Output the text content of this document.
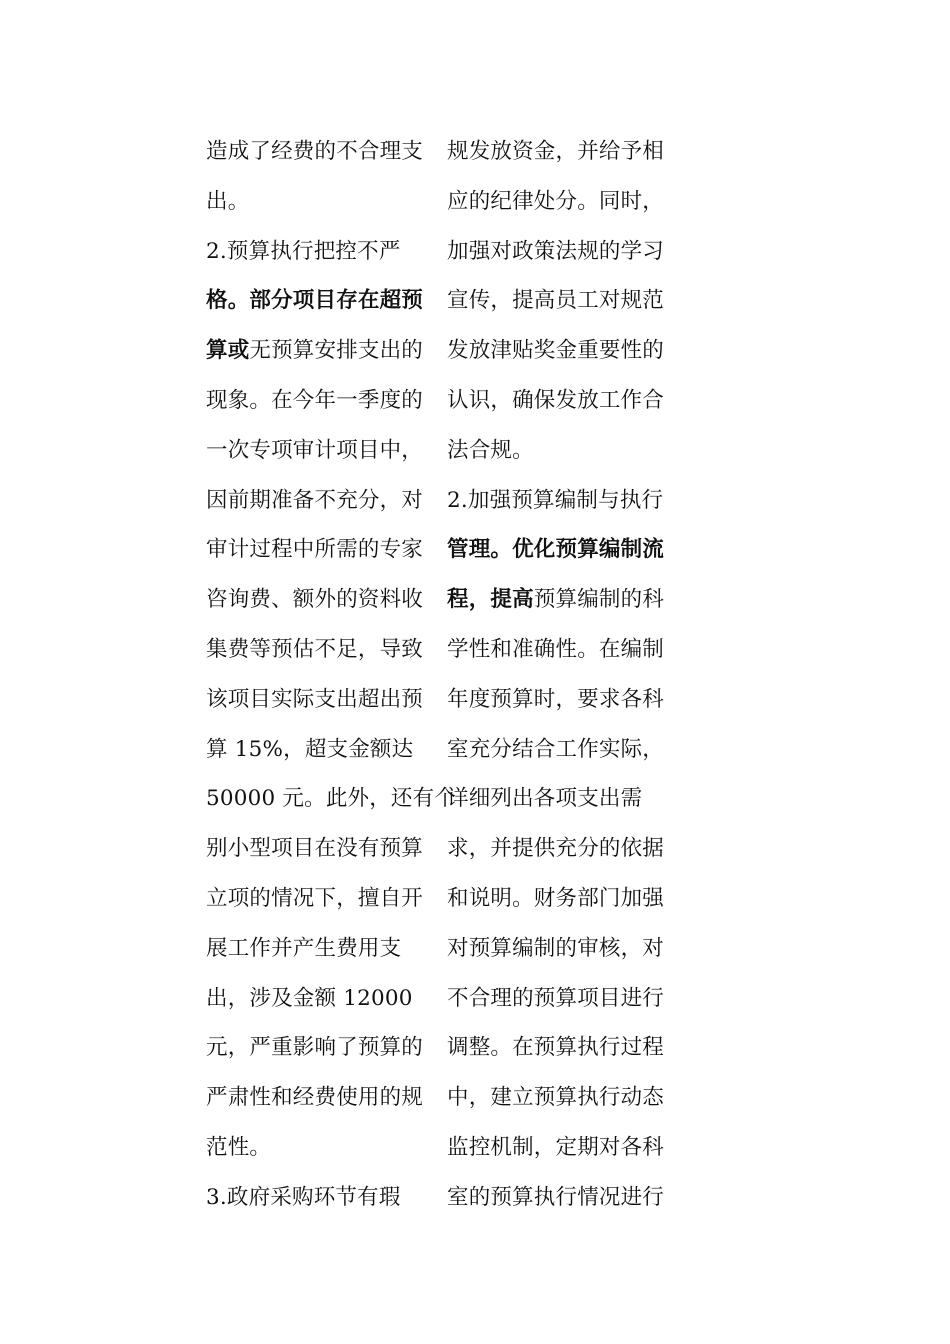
造成了经费的不合理支
出。
2.预算执行把控不严
格。部分项目存在超预
算或无预算安排支出的
现象。在今年一季度的
一次专项审计项目中，
因前期准备不充分，对
审计过程中所需的专家
咨询费、额外的资料收
集费等预估不足，导致
该项目实际支出超出预
算 15%，超支金额达
50000 元。此外，还有个
别小型项目在没有预算
立项的情况下，擅自开
展工作并产生费用支
出，涉及金额 12000
元，严重影响了预算的
严肃性和经费使用的规
范性。
3.政府采购环节有瑕
规发放资金，并给予相
应的纪律处分。同时，
加强对政策法规的学习
宣传，提高员工对规范
发放津贴奖金重要性的
认识，确保发放工作合
法合规。
2.加强预算编制与执行
管理。优化预算编制流
程，提高预算编制的科
学性和准确性。在编制
年度预算时，要求各科
室充分结合工作实际，
详细列出各项支出需
求，并提供充分的依据
和说明。财务部门加强
对预算编制的审核，对
不合理的预算项目进行
调整。在预算执行过程
中，建立预算执行动态
监控机制，定期对各科
室的预算执行情况进行
